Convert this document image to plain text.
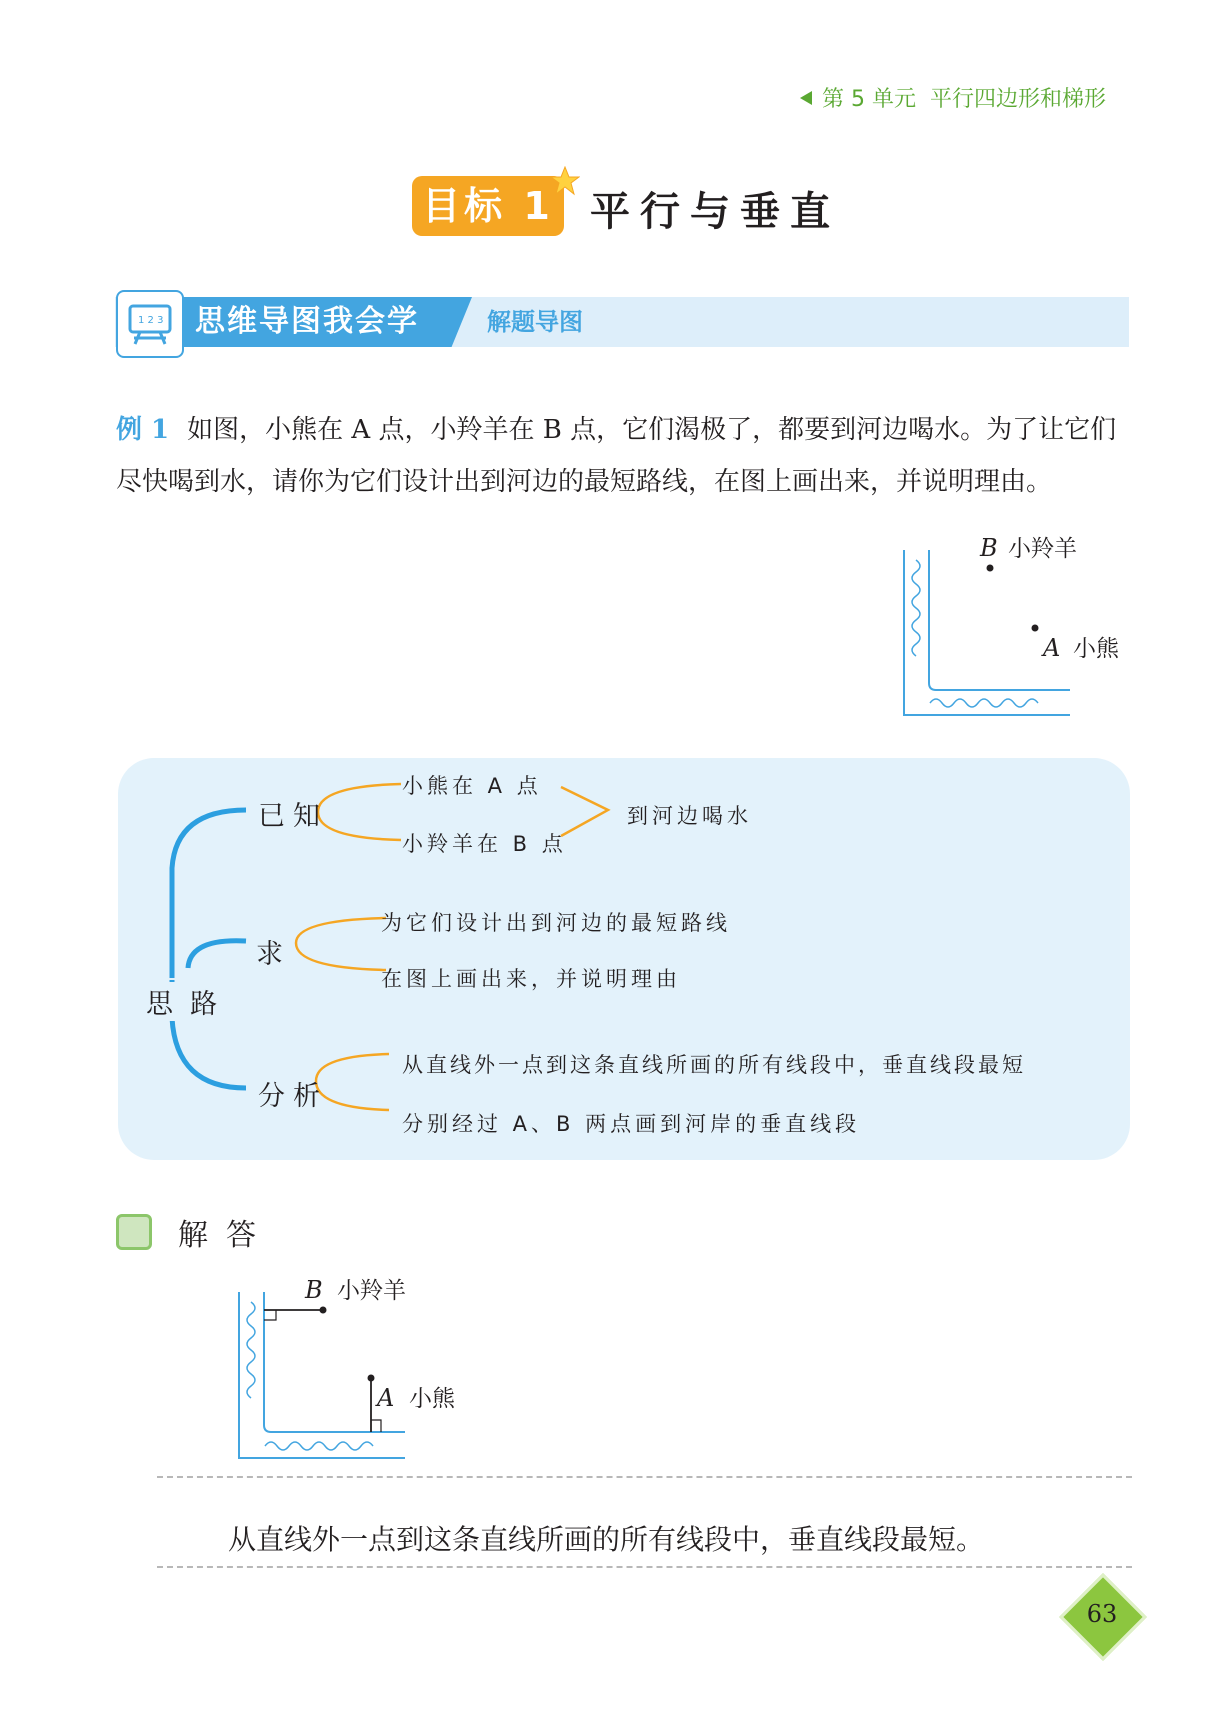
第 5 单元 平行四边形和梯形
目标 1 平行与垂直
1 2 3 思维导图我会学	解题导图
例 1 如图，小熊在 A 点，小羚羊在 B 点，它们渴极了，都要到河边喝水。为了让它们尽快喝到水，请你为它们设计出到河边的最短路线，在图上画出来，并说明理由。
B 小羚羊
A 小熊
已知
小熊在 A 点
小羚羊在 B 点
到河边喝水
求
为它们设计出到河边的最短路线
在图上画出来，并说明理由
思  路
分析
从直线外一点到这条直线所画的所有线段中，垂直线段最短
分别经过 A、B 两点画到河岸的垂直线段
解答
B 小羚羊
A 小熊
从直线外一点到这条直线所画的所有线段中，垂直线段最短。
63
